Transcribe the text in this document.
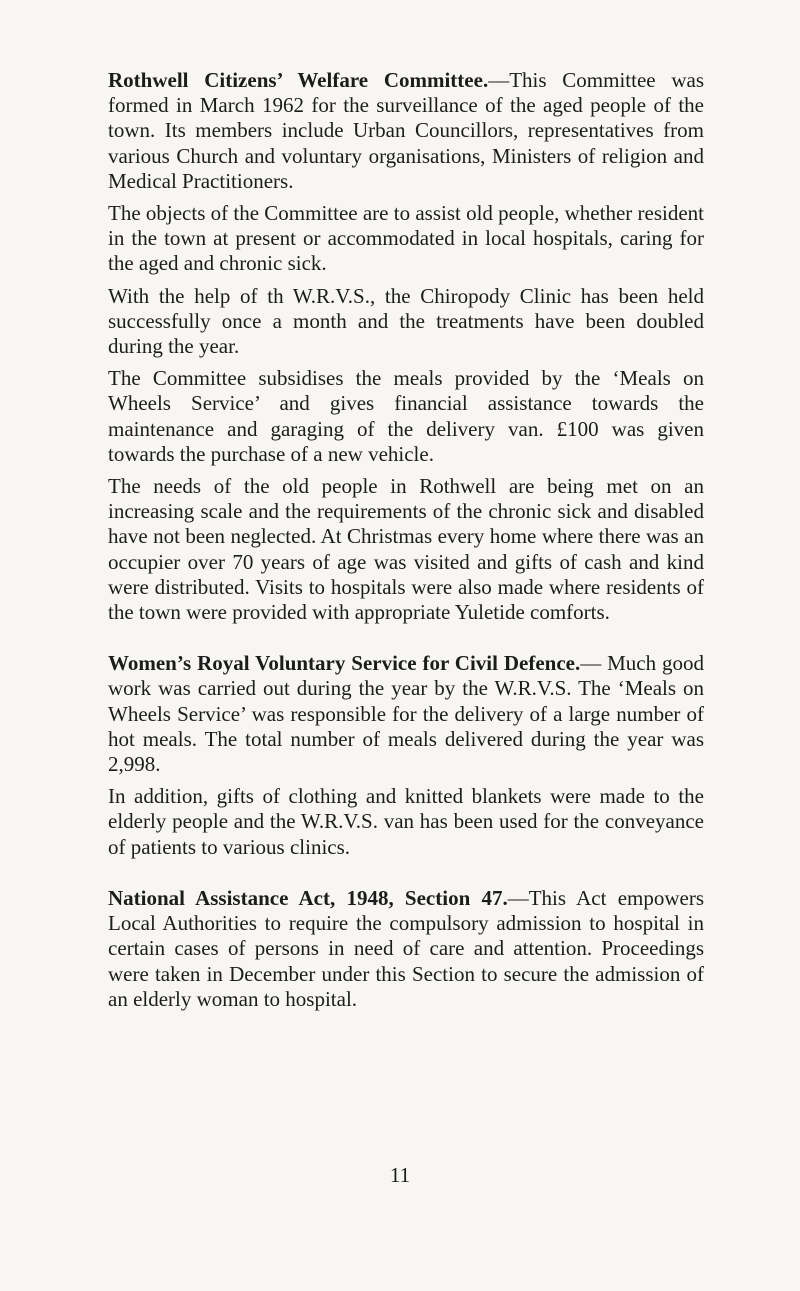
Rothwell Citizens’ Welfare Committee.—This Committee was formed in March 1962 for the surveillance of the aged people of the town. Its members include Urban Councillors, representatives from various Church and voluntary organisations, Ministers of religion and Medical Practitioners.

The objects of the Committee are to assist old people, whether resident in the town at present or accommodated in local hospitals, caring for the aged and chronic sick.

With the help of th W.R.V.S., the Chiropody Clinic has been held successfully once a month and the treatments have been doubled during the year.

The Committee subsidises the meals provided by the ‘Meals on Wheels Service’ and gives financial assistance towards the maintenance and garaging of the delivery van. £100 was given towards the purchase of a new vehicle.

The needs of the old people in Rothwell are being met on an increasing scale and the requirements of the chronic sick and disabled have not been neglected. At Christmas every home where there was an occupier over 70 years of age was visited and gifts of cash and kind were distributed. Visits to hospitals were also made where residents of the town were provided with appropriate Yuletide comforts.

Women’s Royal Voluntary Service for Civil Defence.— Much good work was carried out during the year by the W.R.V.S. The ‘Meals on Wheels Service’ was responsible for the delivery of a large number of hot meals. The total number of meals delivered during the year was 2,998.

In addition, gifts of clothing and knitted blankets were made to the elderly people and the W.R.V.S. van has been used for the conveyance of patients to various clinics.

National Assistance Act, 1948, Section 47.—This Act empowers Local Authorities to require the compulsory admission to hospital in certain cases of persons in need of care and attention. Proceedings were taken in December under this Section to secure the admission of an elderly woman to hospital.

11
